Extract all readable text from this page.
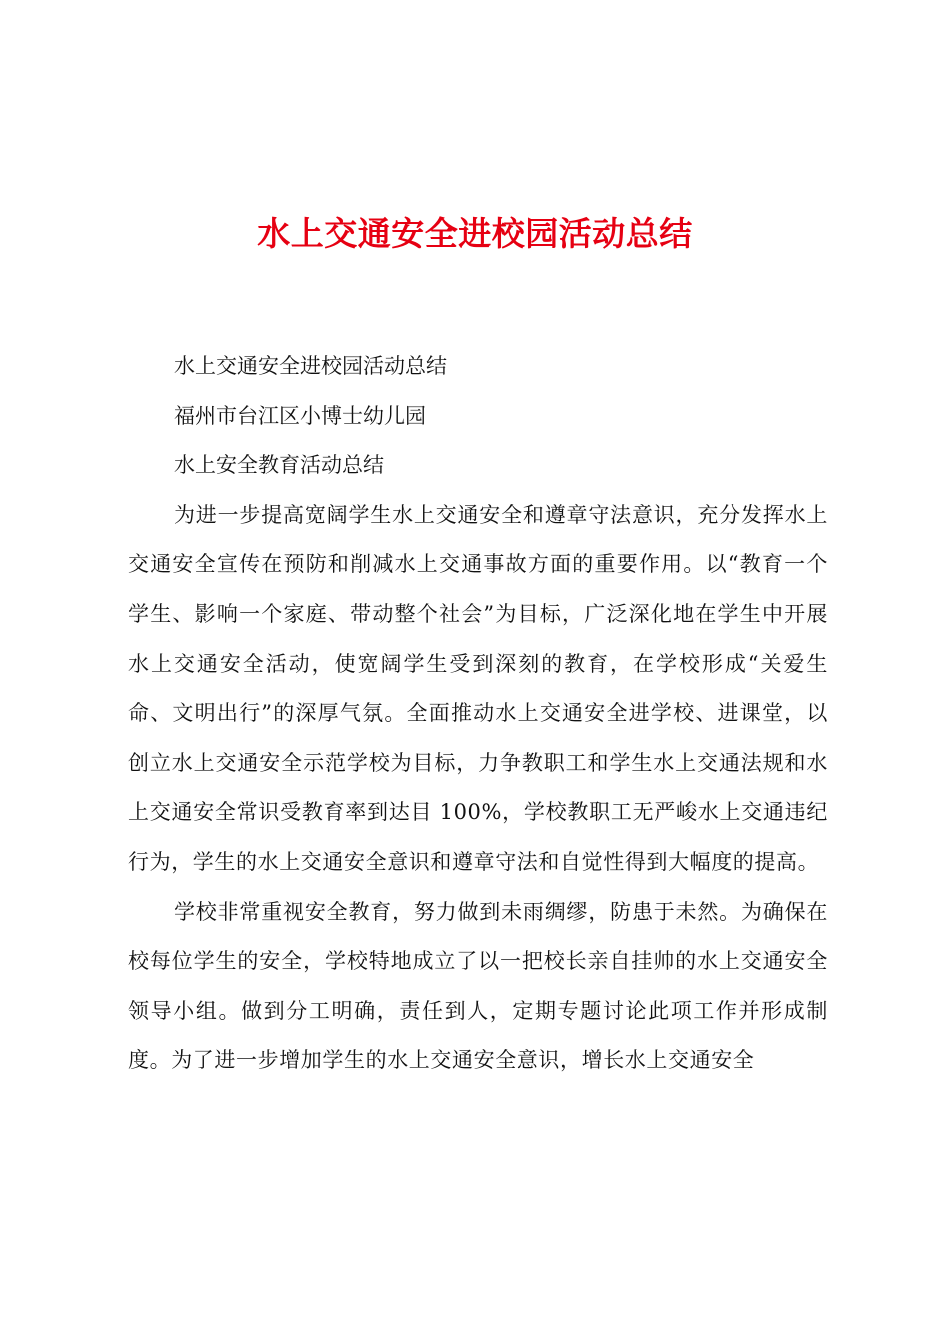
水上交通安全进校园活动总结

水上交通安全进校园活动总结

福州市台江区小博士幼儿园

水上安全教育活动总结

为进一步提高宽阔学生水上交通安全和遵章守法意识，充分发挥水上交通安全宣传在预防和削减水上交通事故方面的重要作用。以“教育一个学生、影响一个家庭、带动整个社会”为目标，广泛深化地在学生中开展水上交通安全活动，使宽阔学生受到深刻的教育，在学校形成“关爱生命、文明出行”的深厚气氛。全面推动水上交通安全进学校、进课堂，以创立水上交通安全示范学校为目标，力争教职工和学生水上交通法规和水上交通安全常识受教育率到达目 100%，学校教职工无严峻水上交通违纪行为，学生的水上交通安全意识和遵章守法和自觉性得到大幅度的提高。

学校非常重视安全教育，努力做到未雨绸缪，防患于未然。为确保在校每位学生的安全，学校特地成立了以一把校长亲自挂帅的水上交通安全领导小组。做到分工明确，责任到人，定期专题讨论此项工作并形成制度。为了进一步增加学生的水上交通安全意识，增长水上交通安全
